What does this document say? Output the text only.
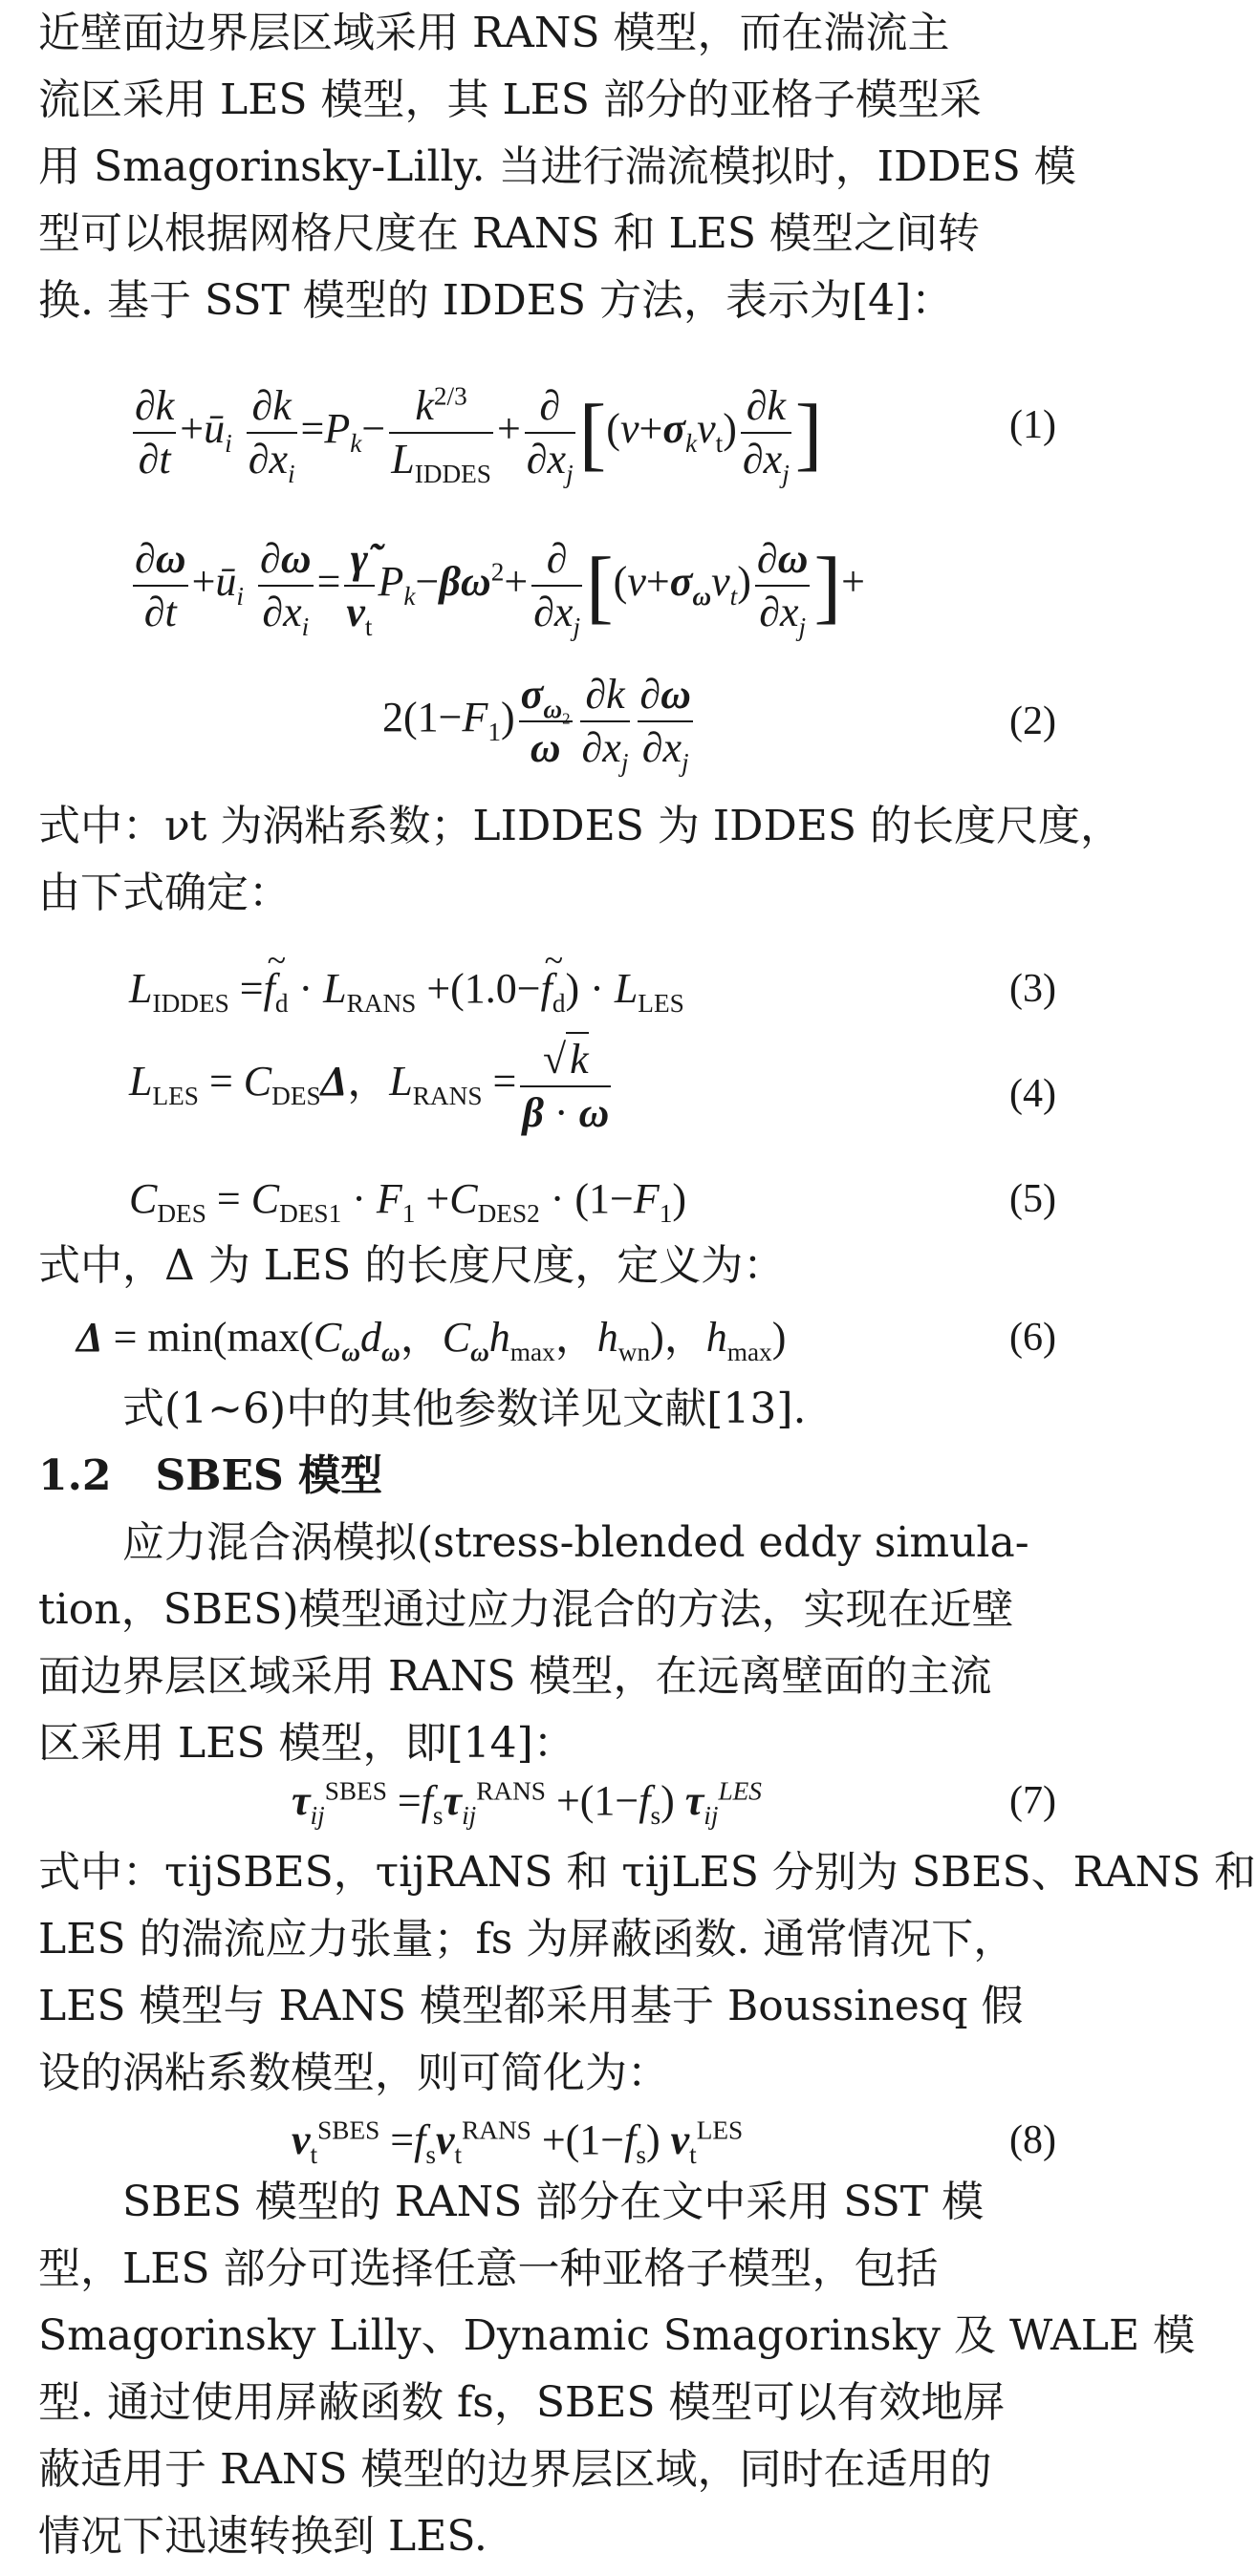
近壁面边界层区域采用 RANS 模型，而在湍流主
流区采用 LES 模型，其 LES 部分的亚格子模型采
用 Smagorinsky-Lilly. 当进行湍流模拟时，IDDES 模
型可以根据网格尺度在 RANS 和 LES 模型之间转
换. 基于 SST 模型的 IDDES 方法，表示为[4]：
$\frac{\partial k}{\partial t}$ $+ū_i \frac{\partial k}{\partial x_i} =P_k- \frac{k^{2/3}}{L_{IDDES}} + \frac{\partial}{\partial x_j} [(\nu+\sigma_k\nu_t) \frac{\partial k}{\partial x_j}$ ]	(1)
$\frac{\partial\omega}{\partial t}$ $+ū_i \frac{\partial\omega}{\partial x_i} = \frac{\gammã}{\nu_t} P_k-\beta\omega^2+ \frac{\partial}{\partial x_j} [(\nu+\sigma_\omega\nu_t) \frac{\partial\omega}{\partial x_j}$ ]+
$2(1-F_1) \frac{\sigma_{\omega_2}}{\omega} \frac{\partial k}{\partial x_j} \frac{\partial\omega}{\partial x_j}$	(2)
式中：νt 为涡粘系数；LIDDES 为 IDDES 的长度尺度，
由下式确定：
$L_{IDDES}$ =~ $f_d \cdot L_{RANS}$ +(1.0−~ $f_d) \cdot L_{LES}$	(3)
$L_{LES} = C_{DES}\Delta$，$L_{RANS} = \frac{√k}{\beta \cdot \omega}$	(4)
$C_{DES} = C_{DES1} \cdot F_1 +C_{DES2} \cdot (1-F_1)$	(5)
式中，Δ 为 LES 的长度尺度，定义为：
$\Delta = \min(\max(C_\omega d_\omega$，$C_\omega h_{max}$，$h_{wn}$)，$h_{max}$)	(6)
式(1~6)中的其他参数详见文献[13].
1.2 SBES 模型
应力混合涡模拟(stress-blended eddy simula-
tion，SBES)模型通过应力混合的方法，实现在近壁
面边界层区域采用 RANS 模型，在远离壁面的主流
区采用 LES 模型，即[14]：
$\tau_{ij}^{SBES} =f_s\tau_{ij}^{RANS} +(1-f_s)$ $\tau_{ij}^{LES}$	(7)
式中：τijSBES，τijRANS 和 τijLES 分别为 SBES、RANS 和
LES 的湍流应力张量；fs 为屏蔽函数. 通常情况下，
LES 模型与 RANS 模型都采用基于 Boussinesq 假
设的涡粘系数模型，则可简化为：
$\nu_t^{SBES} =f_s\nu_t^{RANS} +(1-f_s)$ $\nu_t^{LES}$	(8)
SBES 模型的 RANS 部分在文中采用 SST 模
型，LES 部分可选择任意一种亚格子模型，包括
Smagorinsky Lilly、Dynamic Smagorinsky 及 WALE 模
型. 通过使用屏蔽函数 fs，SBES 模型可以有效地屏
蔽适用于 RANS 模型的边界层区域，同时在适用的
情况下迅速转换到 LES.
